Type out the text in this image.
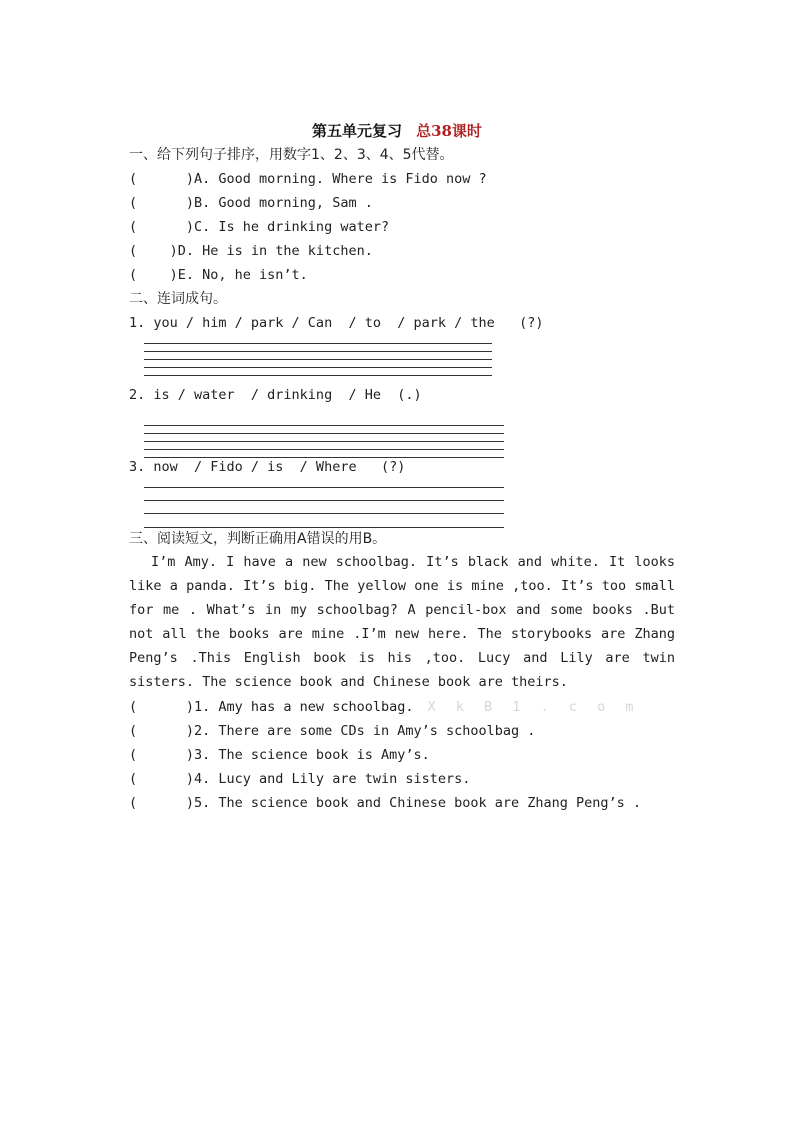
第五单元复习 总38课时
一、给下列句子排序，用数字1、2、3、4、5代替。
(      )A. Good morning. Where is Fido now ?
(      )B. Good morning, Sam .
(      )C. Is he drinking water?
(    )D. He is in the kitchen.
(    )E. No, he isn’t.
二、连词成句。
1. you / him / park / Can  / to  / park / the   (?)
2. is / water  / drinking  / He  (.)
3. now  / Fido / is  / Where   (?)
三、阅读短文，判断正确用A错误的用B。
I’m Amy. I have a new schoolbag. It’s black and white. It looks like a panda. It’s big. The yellow one is mine ,too. It’s too small for me . What’s in my schoolbag? A pencil-box and some books .But not all the books are mine .I’m new here. The storybooks are Zhang Peng’s .This English book is his ,too. Lucy and Lily are twin sisters. The science book and Chinese book are theirs.
(      )1. Amy has a new schoolbag. X k B 1 . c o m
(      )2. There are some CDs in Amy’s schoolbag .
(      )3. The science book is Amy’s.
(      )4. Lucy and Lily are twin sisters.
(      )5. The science book and Chinese book are Zhang Peng’s .
